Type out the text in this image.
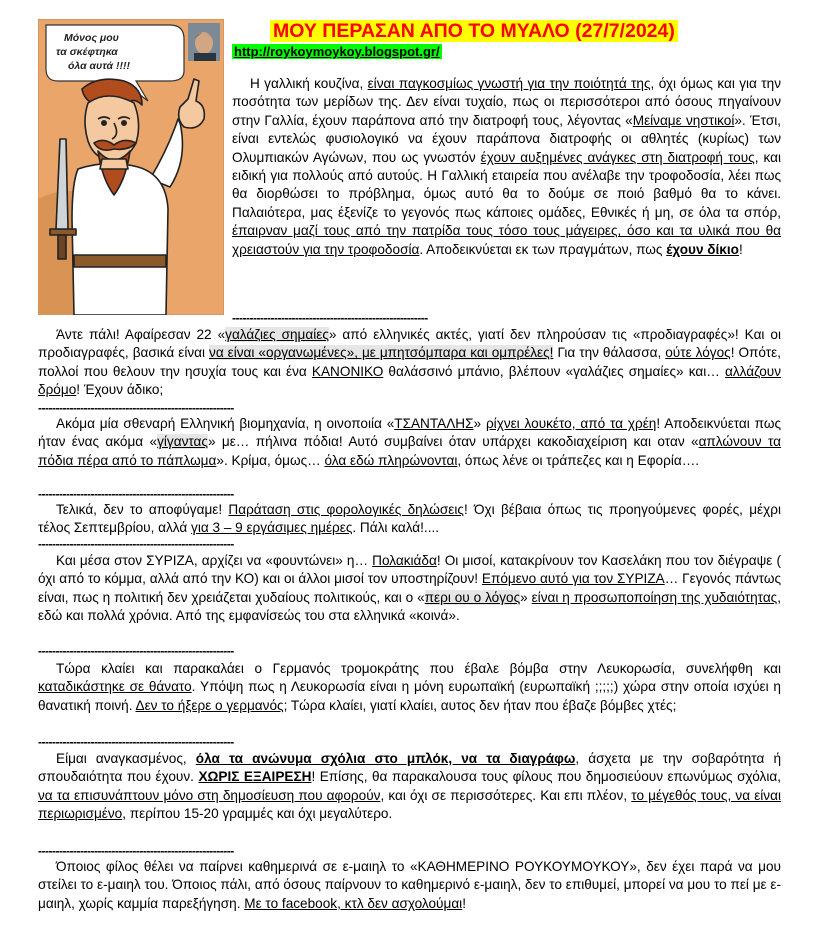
Μόνος μου
τα σκέφτηκα
όλα αυτά !!!!
ΜΟΥ ΠΕΡΑΣΑΝ ΑΠΟ ΤΟ ΜΥΑΛΟ (27/7/2024)
http://roykoymoykoy.blogspot.gr/
Η γαλλική κουζίνα, είναι παγκοσμίως γνωστή για την ποιότητά της, όχι όμως και για την ποσότητα των μερίδων της. Δεν είναι τυχαίο, πως οι περισσότεροι από όσους πηγαίνουν στην Γαλλία, έχουν παράπονα από την διατροφή τους, λέγοντας «Μείναμε νηστικοί». Έτσι, είναι εντελώς φυσιολογικό να έχουν παράπονα διατροφής οι αθλητές (κυρίως) των Ολυμπιακών Αγώνων, που ως γνωστόν έχουν αυξημένες ανάγκες στη διατροφή τους, και ειδική για πολλούς από αυτούς. Η Γαλλική εταιρεία που ανέλαβε την τροφοδοσία, λέει πως θα διορθώσει το πρόβλημα, όμως αυτό θα το δούμε σε ποιό βαθμό θα το κάνει. Παλαιότερα, μας έξενίζε το γεγονός πως κάποιες ομάδες, Εθνικές ή μη, σε όλα τα σπόρ, έπαιρναν μαζί τους από την πατρίδα τους τόσο τους μάγειρες, όσο και τα υλικά που θα χρειαστούν για την τροφοδοσία. Αποδεικνύεται εκ των πραγμάτων, πως έχουν δίκιο!
--------------------------------------------------------
Άντε πάλι! Αφαίρεσαν 22 «γαλάζιες σημαίες» από ελληνικές ακτές, γιατί δεν πληρούσαν τις «προδιαγραφές»! Και οι προδιαγραφές, βασικά είναι να είναι «οργανωμένες», με μπητσόμπαρα και ομπρέλες! Για την θάλασσα, ούτε λόγος! Οπότε, πολλοί που θελουν την ησυχία τους και ένα ΚΑΝΟΝΙΚΟ θαλάσσινό μπάνιο, βλέπουν «γαλάζιες σημαίες» και… αλλάζουν δρόμο! Έχουν άδικο;
--------------------------------------------------------
Ακόμα μία σθεναρή Ελληνική βιομηχανία, η οινοποιία «ΤΣΑΝΤΑΛΗΣ» ρίχνει λουκέτο, από τα χρέη! Αποδεικνύεται πως ήταν ένας ακόμα «γίγαντας» με… πήλινα πόδια! Αυτό συμβαίνει όταν υπάρχει κακοδιαχείριση και οταν «απλώνουν τα πόδια πέρα από το πάπλωμα». Κρίμα, όμως… όλα εδώ πληρώνονται, όπως λένε οι τράπεζες και η Εφορία….
--------------------------------------------------------
Τελικά, δεν το αποφύγαμε! Παράταση στις φορολογικές δηλώσεις! Όχι βέβαια όπως τις προηγούμενες φορές, μέχρι τέλος Σεπτεμβρίου, αλλά για 3 – 9 εργάσιμες ημέρες. Πάλι καλά!....
--------------------------------------------------------
Και μέσα στον ΣΥΡΙΖΑ, αρχίζει να «φουντώνει» η… Πολακιάδα! Οι μισοί, κατακρίνουν τον Κασελάκη που τον διέγραψε ( όχι από το κόμμα, αλλά από την ΚΟ) και οι άλλοι μισοί τον υποστηρίζουν! Επόμενο αυτό για τον ΣΥΡΙΖΑ… Γεγονός πάντως είναι, πως η πολιτική δεν χρειάζεται χυδαίους πολιτικούς, και ο «περι ου ο λόγος» είναι η προσωποποίηση της χυδαιότητας, εδώ και πολλά χρόνια. Από της εμφανίσεώς του στα ελληνικά «κοινά».
--------------------------------------------------------
Τώρα κλαίει και παρακαλάει ο Γερμανός τρομοκράτης που έβαλε βόμβα στην Λευκορωσία, συνελήφθη και καταδικάστηκε σε θάνατο. Υπόψη πως η Λευκορωσία είναι η μόνη ευρωπαϊκή (ευρωπαϊκή ;;;;;) χώρα στην οποία ισχύει η θανατική ποινή. Δεν το ήξερε ο γερμανός; Τώρα κλαίει, γιατί κλαίει, αυτος δεν ήταν που έβαζε βόμβες χτές;
--------------------------------------------------------
Είμαι αναγκασμένος, όλα τα ανώνυμα σχόλια στο μπλόκ, να τα διαγράφω, άσχετα με την σοβαρότητα ή σπουδαιότητα που έχουν. ΧΩΡΙΣ ΕΞΑΙΡΕΣΗ! Επίσης, θα παρακαλουσα τους φίλους που δημοσιεύουν επωνύμως σχόλια, να τα επισυνάπτουν μόνο στη δημοσίευση που αφορούν, και όχι σε περισσότερες. Και επι πλέον, το μέγεθός τους, να είναι περιωρισμένο, περίπου 15-20 γραμμές και όχι μεγαλύτερο.
--------------------------------------------------------
Όποιος φίλος θέλει να παίρνει καθημερινά σε ε-μαιηλ το «ΚΑΘΗΜΕΡΙΝΟ ΡΟΥΚΟΥΜΟΥΚΟΥ», δεν έχει παρά να μου στείλει το ε-μαιηλ του. Όποιος πάλι, από όσους παίρνουν το καθημερινό ε-μαιηλ, δεν το επιθυμεί, μπορεί να μου το πεί με ε-μαιηλ, χωρίς καμμία παρεξήγηση. Με το facebook, κτλ δεν ασχολούμαι!
